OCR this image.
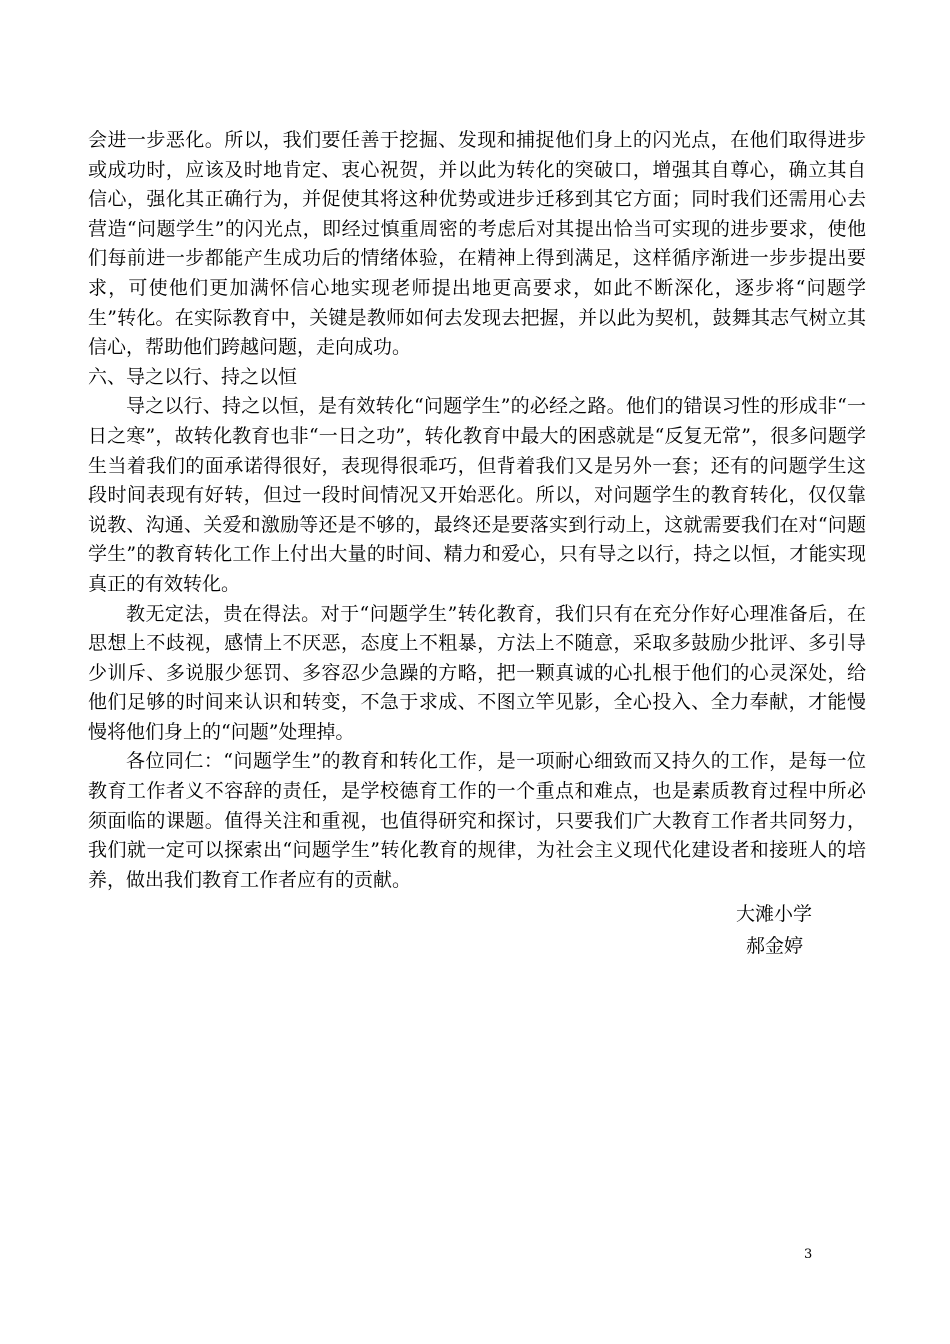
会进一步恶化。所以，我们要任善于挖掘、发现和捕捉他们身上的闪光点，在他们取得进步或成功时，应该及时地肯定、衷心祝贺，并以此为转化的突破口，增强其自尊心，确立其自信心，强化其正确行为，并促使其将这种优势或进步迁移到其它方面；同时我们还需用心去营造“问题学生”的闪光点，即经过慎重周密的考虑后对其提出恰当可实现的进步要求，使他们每前进一步都能产生成功后的情绪体验，在精神上得到满足，这样循序渐进一步步提出要求，可使他们更加满怀信心地实现老师提出地更高要求，如此不断深化，逐步将“问题学生”转化。在实际教育中，关键是教师如何去发现去把握，并以此为契机，鼓舞其志气树立其信心，帮助他们跨越问题，走向成功。

六、导之以行、持之以恒

导之以行、持之以恒，是有效转化“问题学生”的必经之路。他们的错误习性的形成非“一日之寒”，故转化教育也非“一日之功”，转化教育中最大的困惑就是“反复无常”，很多问题学生当着我们的面承诺得很好，表现得很乖巧，但背着我们又是另外一套；还有的问题学生这段时间表现有好转，但过一段时间情况又开始恶化。所以，对问题学生的教育转化，仅仅靠说教、沟通、关爱和激励等还是不够的，最终还是要落实到行动上，这就需要我们在对“问题学生”的教育转化工作上付出大量的时间、精力和爱心，只有导之以行，持之以恒，才能实现真正的有效转化。

教无定法，贵在得法。对于“问题学生”转化教育，我们只有在充分作好心理准备后，在思想上不歧视，感情上不厌恶，态度上不粗暴，方法上不随意，采取多鼓励少批评、多引导少训斥、多说服少惩罚、多容忍少急躁的方略，把一颗真诚的心扎根于他们的心灵深处，给他们足够的时间来认识和转变，不急于求成、不图立竿见影，全心投入、全力奉献，才能慢慢将他们身上的“问题”处理掉。

各位同仁：“问题学生”的教育和转化工作，是一项耐心细致而又持久的工作，是每一位教育工作者义不容辞的责任，是学校德育工作的一个重点和难点，也是素质教育过程中所必须面临的课题。值得关注和重视，也值得研究和探讨，只要我们广大教育工作者共同努力，我们就一定可以探索出“问题学生”转化教育的规律，为社会主义现代化建设者和接班人的培养，做出我们教育工作者应有的贡献。

大滩小学
郝金婷
3
